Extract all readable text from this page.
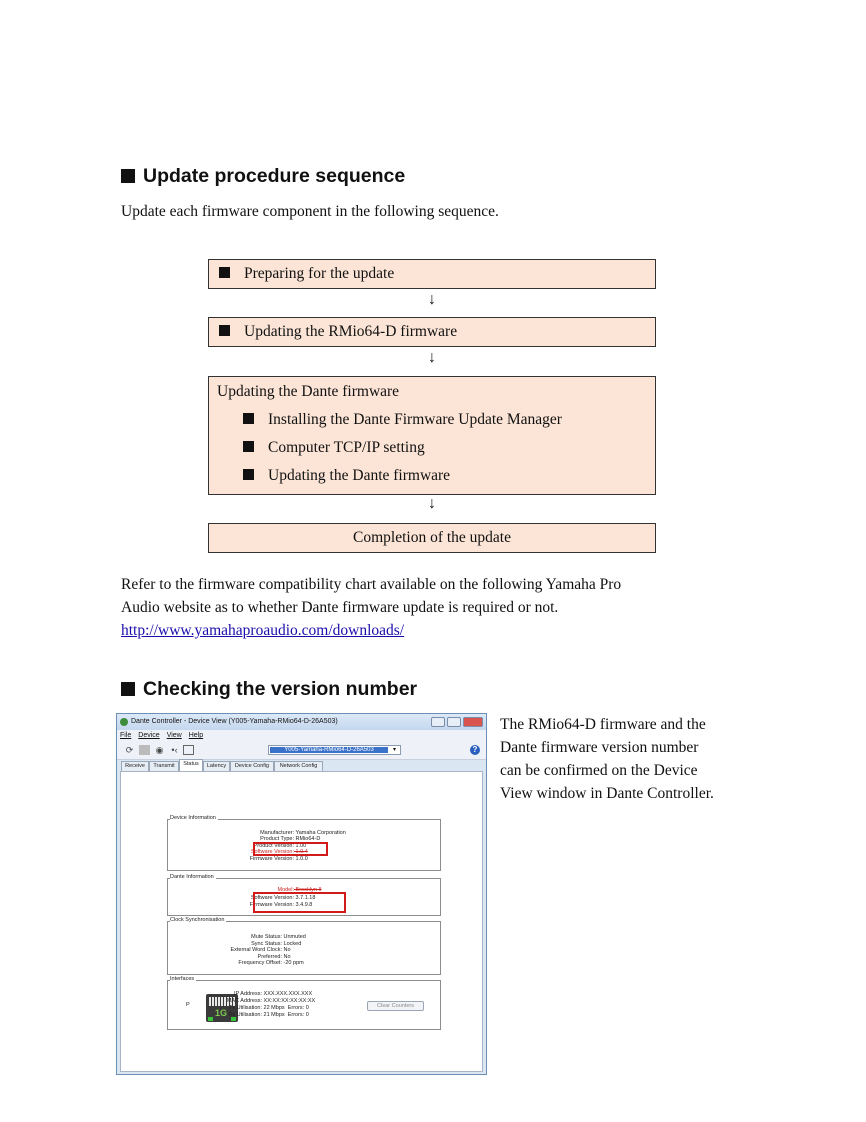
Update procedure sequence
Update each firmware component in the following sequence.
Preparing for the update
↓
Updating the RMio64-D firmware
↓
Updating the Dante firmware
Installing the Dante Firmware Update Manager
Computer TCP/IP setting
Updating the Dante firmware
↓
Completion of the update
Refer to the firmware compatibility chart available on the following Yamaha Pro
Audio website as to whether Dante firmware update is required or not.
http://www.yamahaproaudio.com/downloads/
Checking the version number
The RMio64-D firmware and the
Dante firmware version number
can be confirmed on the Device
View window in Dante Controller.
Dante Controller - Device View (Y005-Yamaha-RMio64-D-26A503)
File Device View Help
⟳ ◉ •‹	Y005-Yamaha-RMio64-D-26A503	▾	?
Receive	Transmit	Status	Latency	Device Config	Network Config
Device Information
Manufacturer: Yamaha Corporation
Product Type: RMio64-D
Product Version: 1.00
Software Version: 1.0.4
Firmware Version: 1.0.0
Dante Information
Model: Brooklyn II
Software Version: 3.7.1.18
Firmware Version: 3.4.9.8
Clock Synchronisation
Mute Status: Unmuted
Sync Status: Locked
External Word Clock: No
Preferred: No
Frequency Offset: -20 ppm
Interfaces
P
1G
IP Address: XXX.XXX.XXX.XXX
MAC Address: XX:XX:XX:XX:XX:XX
Tx Utilisation: 22 Mbps Errors: 0
Rx Utilisation: 21 Mbps Errors: 0
Clear Counters
